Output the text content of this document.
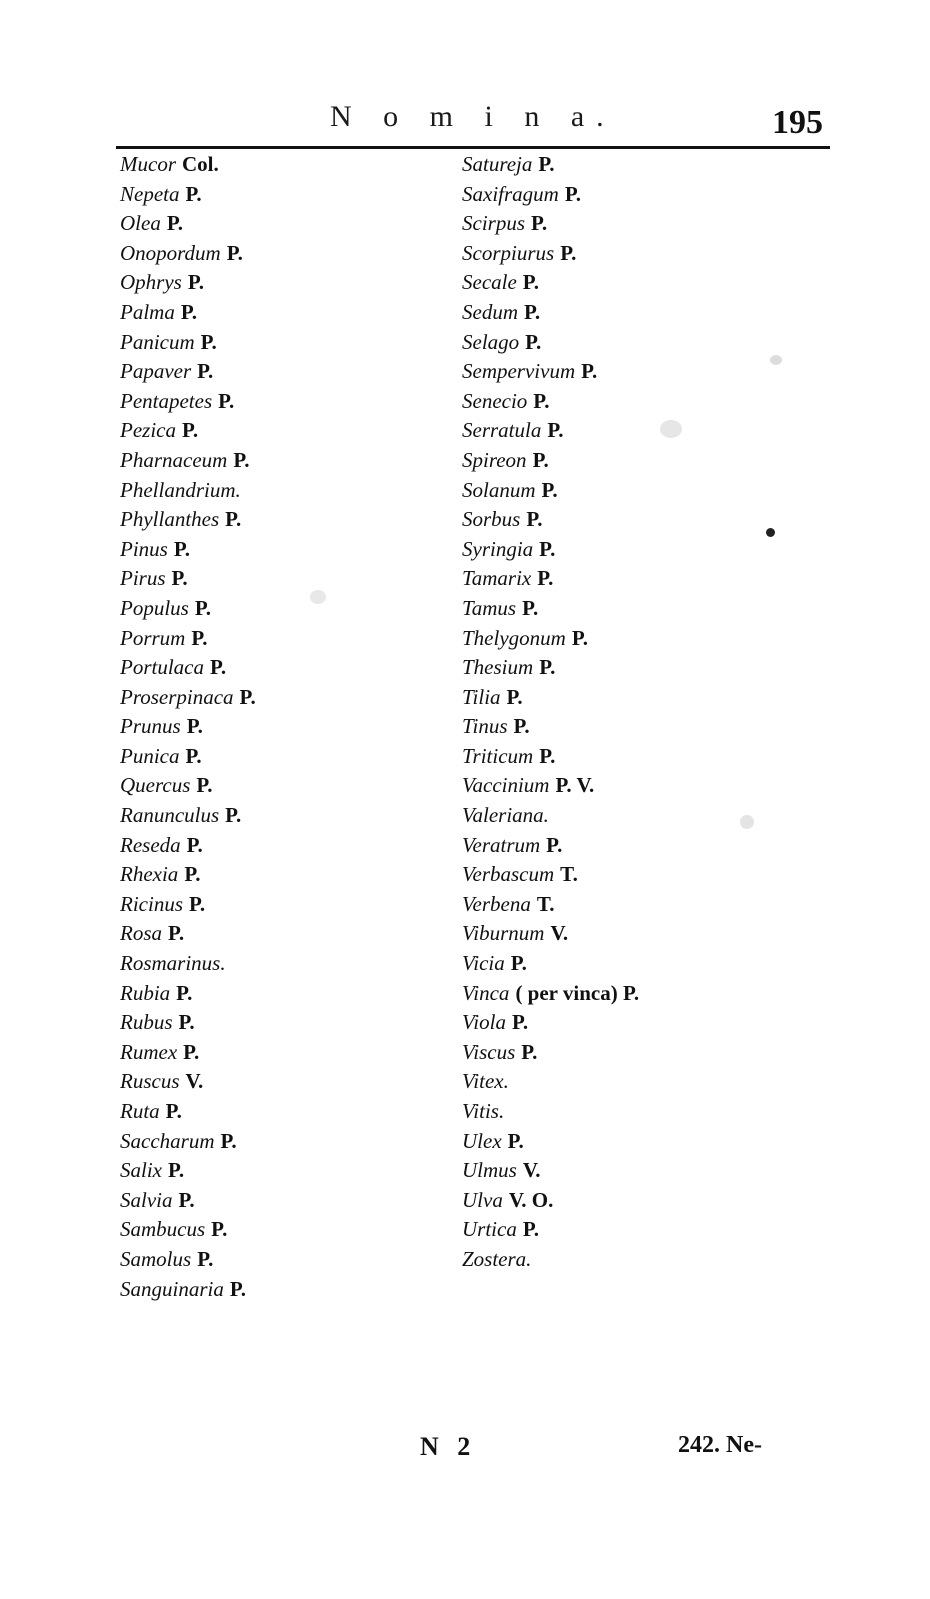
N o m i n a.	195
Mucor Col.
Nepeta P.
Olea P.
Onopordum P.
Ophrys P.
Palma P.
Panicum P.
Papaver P.
Pentapetes P.
Pezica P.
Pharnaceum P.
Phellandrium.
Phyllanthes P.
Pinus P.
Pirus P.
Populus P.
Porrum P.
Portulaca P.
Proserpinaca P.
Prunus P.
Punica P.
Quercus P.
Ranunculus P.
Reseda P.
Rhexia P.
Ricinus P.
Rosa P.
Rosmarinus.
Rubia P.
Rubus P.
Rumex P.
Ruscus V.
Ruta P.
Saccharum P.
Salix P.
Salvia P.
Sambucus P.
Samolus P.
Sanguinaria P.
Satureja P.
Saxifragum P.
Scirpus P.
Scorpiurus P.
Secale P.
Sedum P.
Selago P.
Sempervivum P.
Senecio P.
Serratula P.
Spireon P.
Solanum P.
Sorbus P.
Syringia P.
Tamarix P.
Tamus P.
Thelygonum P.
Thesium P.
Tilia P.
Tinus P.
Triticum P.
Vaccinium P. V.
Valeriana.
Veratrum P.
Verbascum T.
Verbena T.
Viburnum V.
Vicia P.
Vinca ( per vinca) P.
Viola P.
Viscus P.
Vitex.
Vitis.
Ulex P.
Ulmus V.
Ulva V. O.
Urtica P.
Zostera.
N 2	242. Ne-
